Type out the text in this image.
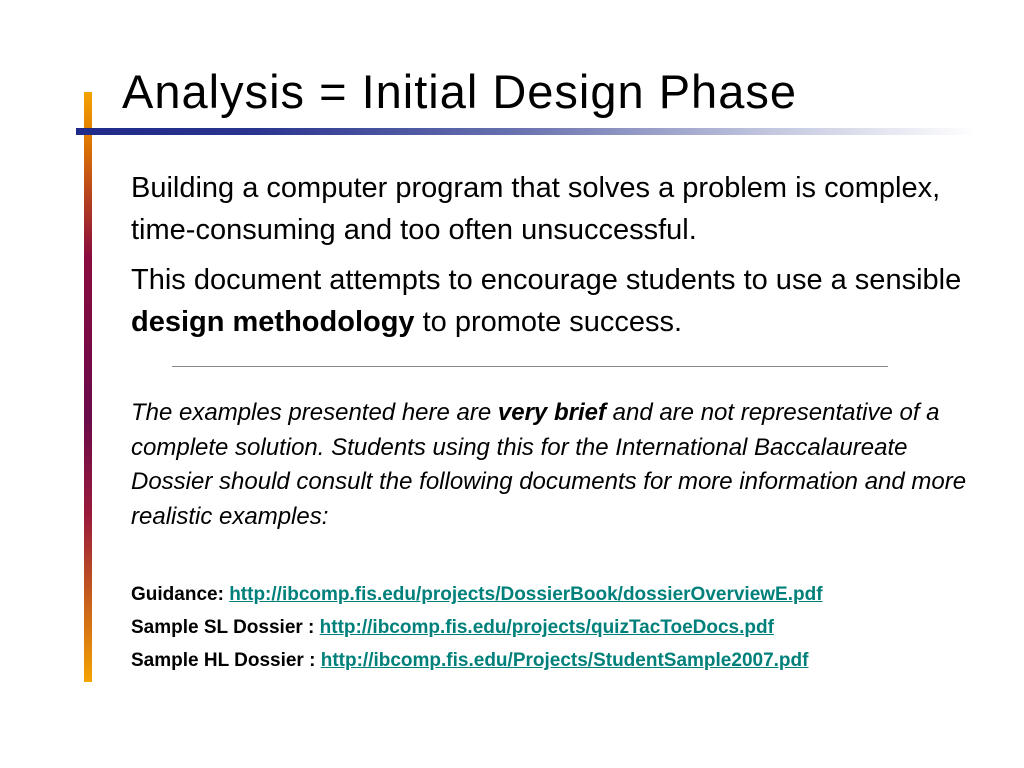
Analysis = Initial Design Phase

Building a computer program that solves a problem is complex, time-consuming and too often unsuccessful.

This document attempts to encourage students to use a sensible design methodology to promote success.

The examples presented here are very brief and are not representative of a complete solution. Students using this for the International Baccalaureate Dossier should consult the following documents for more information and more realistic examples:

Guidance: http://ibcomp.fis.edu/projects/DossierBook/dossierOverviewE.pdf
Sample SL Dossier : http://ibcomp.fis.edu/projects/quizTacToeDocs.pdf
Sample HL Dossier : http://ibcomp.fis.edu/Projects/StudentSample2007.pdf
